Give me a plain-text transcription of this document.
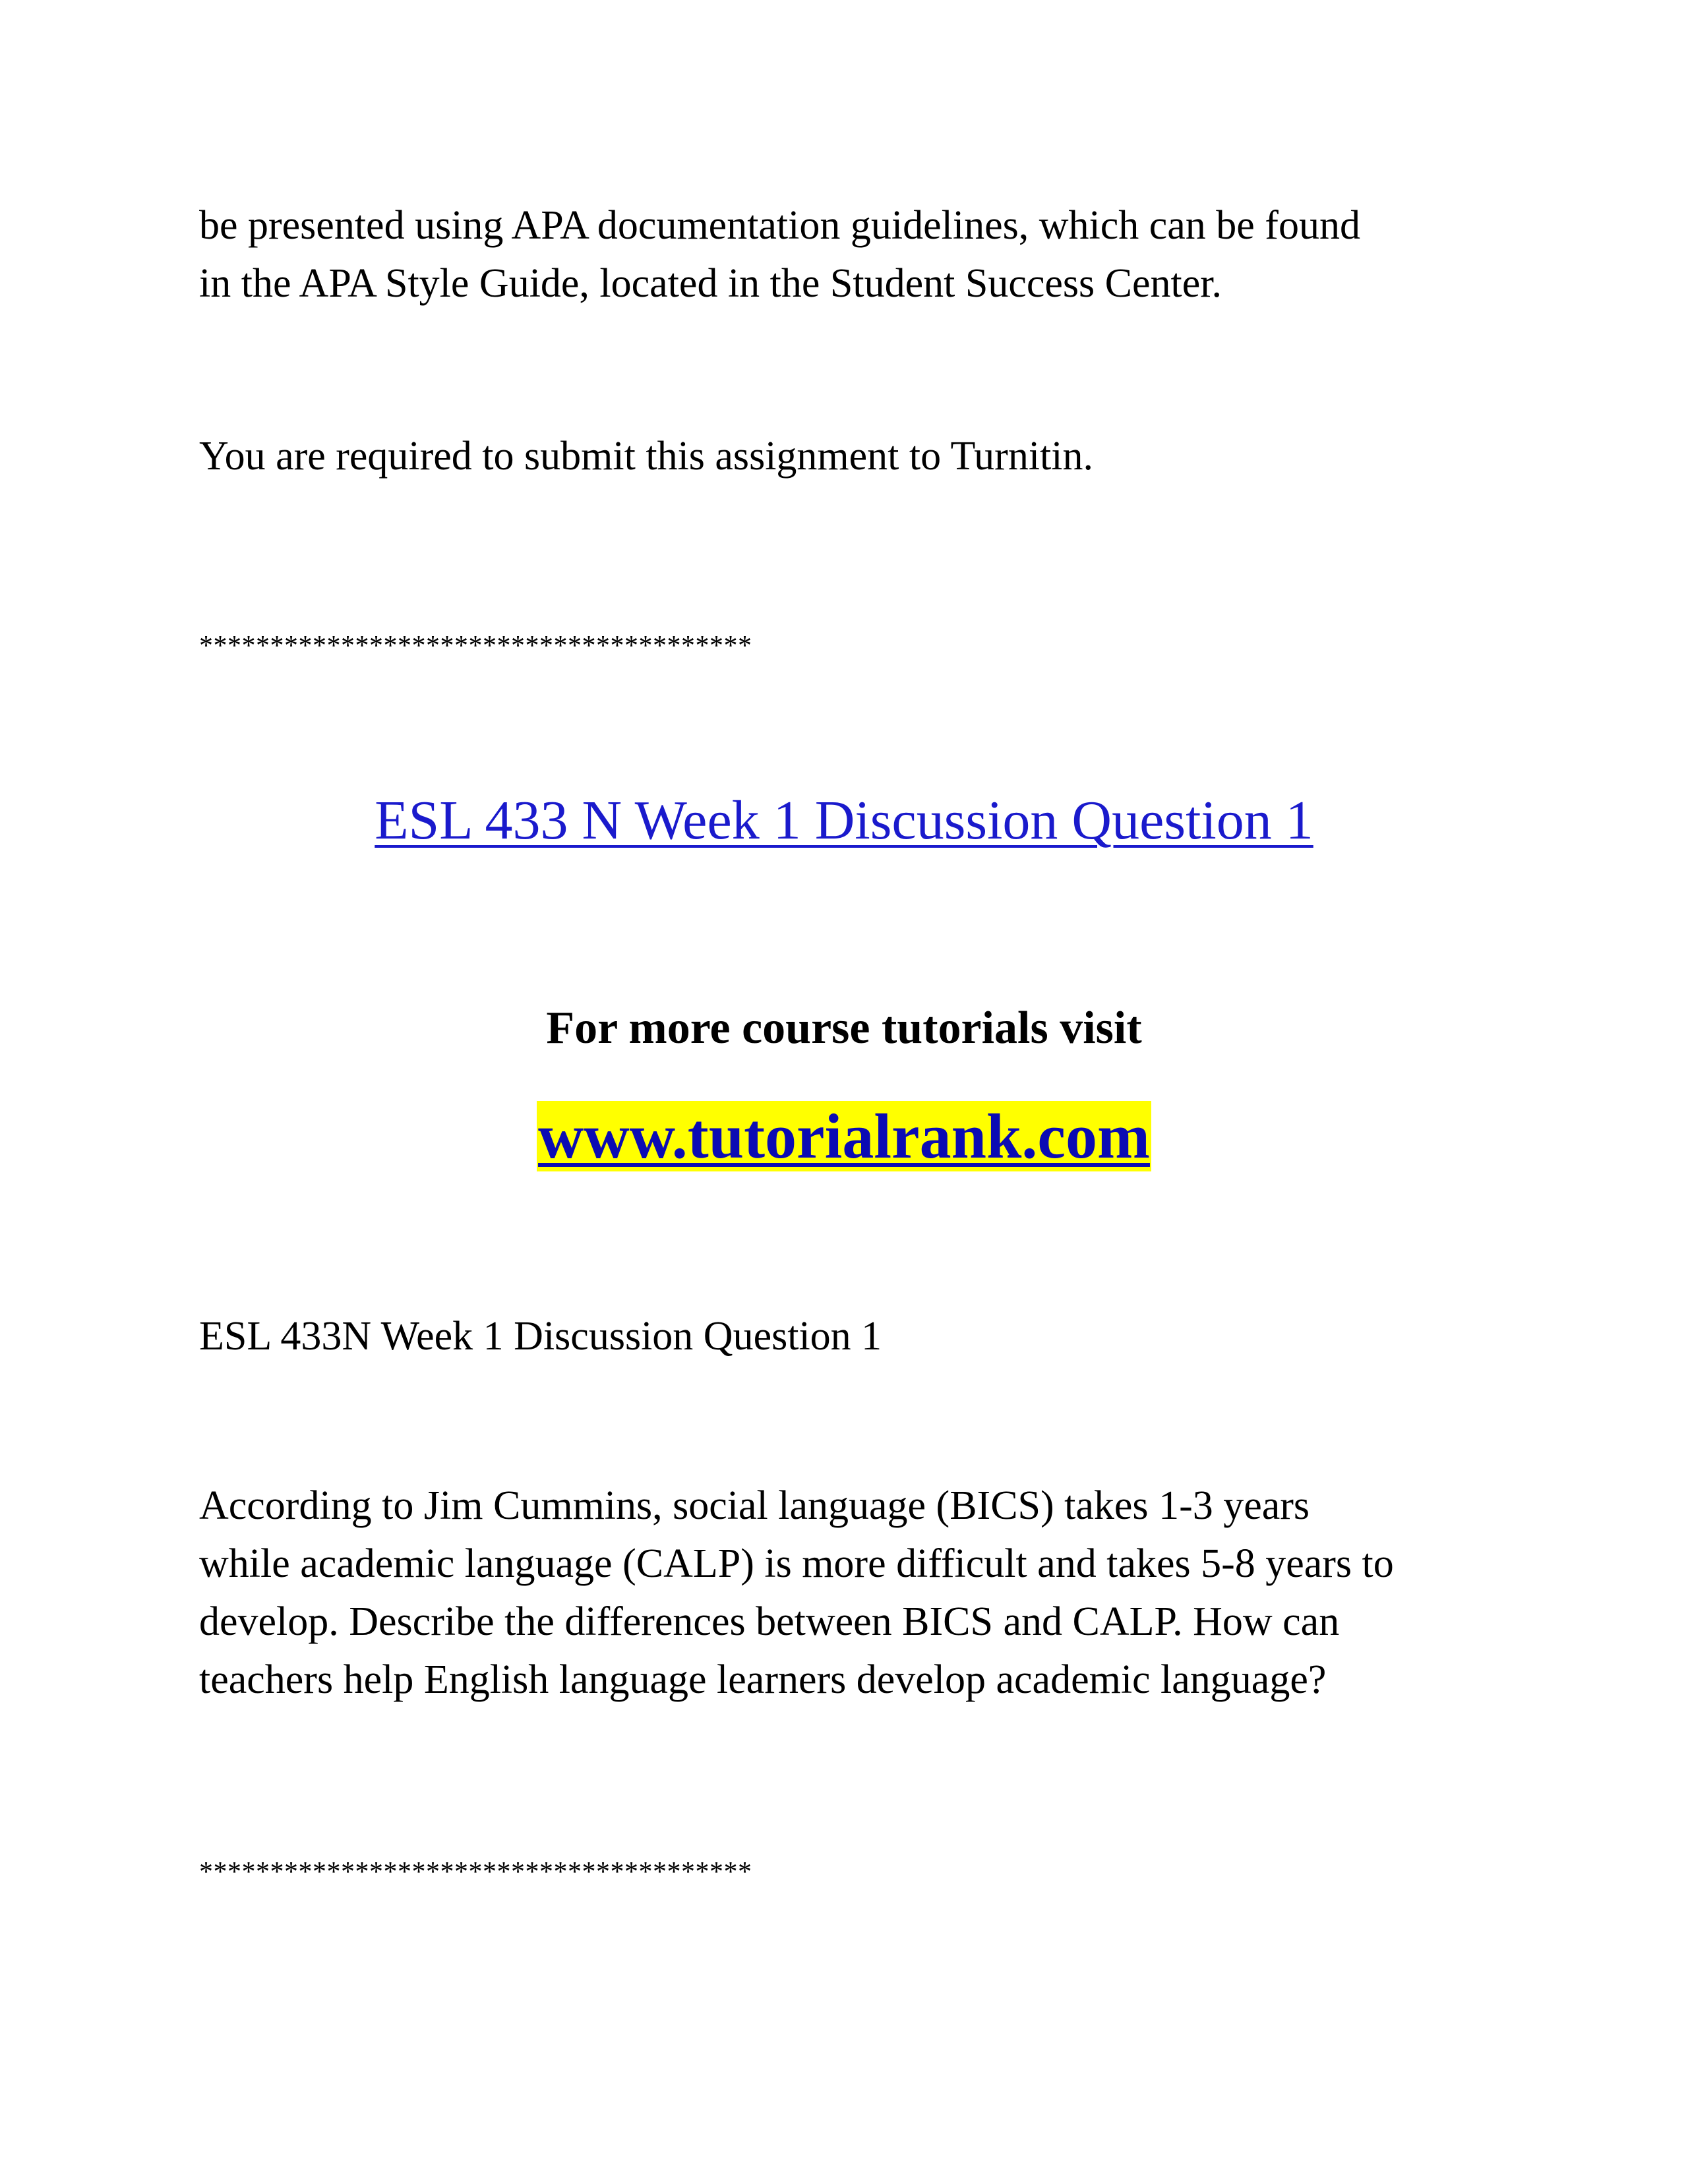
be presented using APA documentation guidelines, which can be found
in the APA Style Guide, located in the Student Success Center.

You are required to submit this assignment to Turnitin.

***************************************

ESL 433 N Week 1 Discussion Question 1

For more course tutorials visit

www.tutorialrank.com

ESL 433N Week 1 Discussion Question 1

According to Jim Cummins, social language (BICS) takes 1-3 years
while academic language (CALP) is more difficult and takes 5-8 years to
develop. Describe the differences between BICS and CALP. How can
teachers help English language learners develop academic language?

***************************************
